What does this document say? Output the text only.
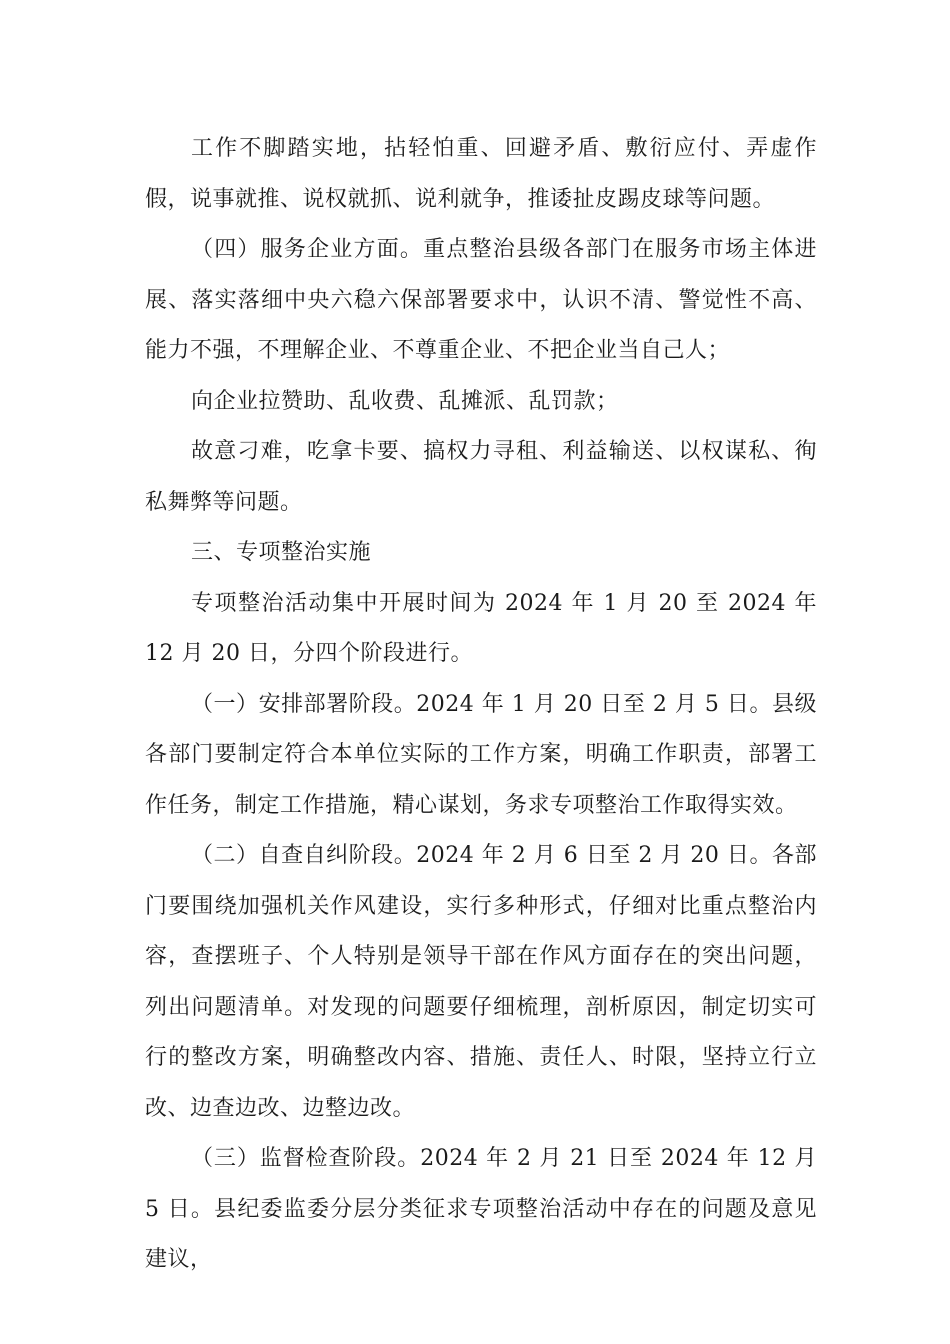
工作不脚踏实地，拈轻怕重、回避矛盾、敷衍应付、弄虚作假，说事就推、说权就抓、说利就争，推诿扯皮踢皮球等问题。

（四）服务企业方面。重点整治县级各部门在服务市场主体进展、落实落细中央六稳六保部署要求中，认识不清、警觉性不高、能力不强，不理解企业、不尊重企业、不把企业当自己人；

向企业拉赞助、乱收费、乱摊派、乱罚款；

故意刁难，吃拿卡要、搞权力寻租、利益输送、以权谋私、徇私舞弊等问题。

三、专项整治实施

专项整治活动集中开展时间为 2024 年 1 月 20 至 2024 年 12 月 20 日，分四个阶段进行。

（一）安排部署阶段。2024 年 1 月 20 日至 2 月 5 日。县级各部门要制定符合本单位实际的工作方案，明确工作职责，部署工作任务，制定工作措施，精心谋划，务求专项整治工作取得实效。

（二）自查自纠阶段。2024 年 2 月 6 日至 2 月 20 日。各部门要围绕加强机关作风建设，实行多种形式，仔细对比重点整治内容，查摆班子、个人特别是领导干部在作风方面存在的突出问题，列出问题清单。对发现的问题要仔细梳理，剖析原因，制定切实可行的整改方案，明确整改内容、措施、责任人、时限，坚持立行立改、边查边改、边整边改。

（三）监督检查阶段。2024 年 2 月 21 日至 2024 年 12 月 5 日。县纪委监委分层分类征求专项整治活动中存在的问题及意见建议，
